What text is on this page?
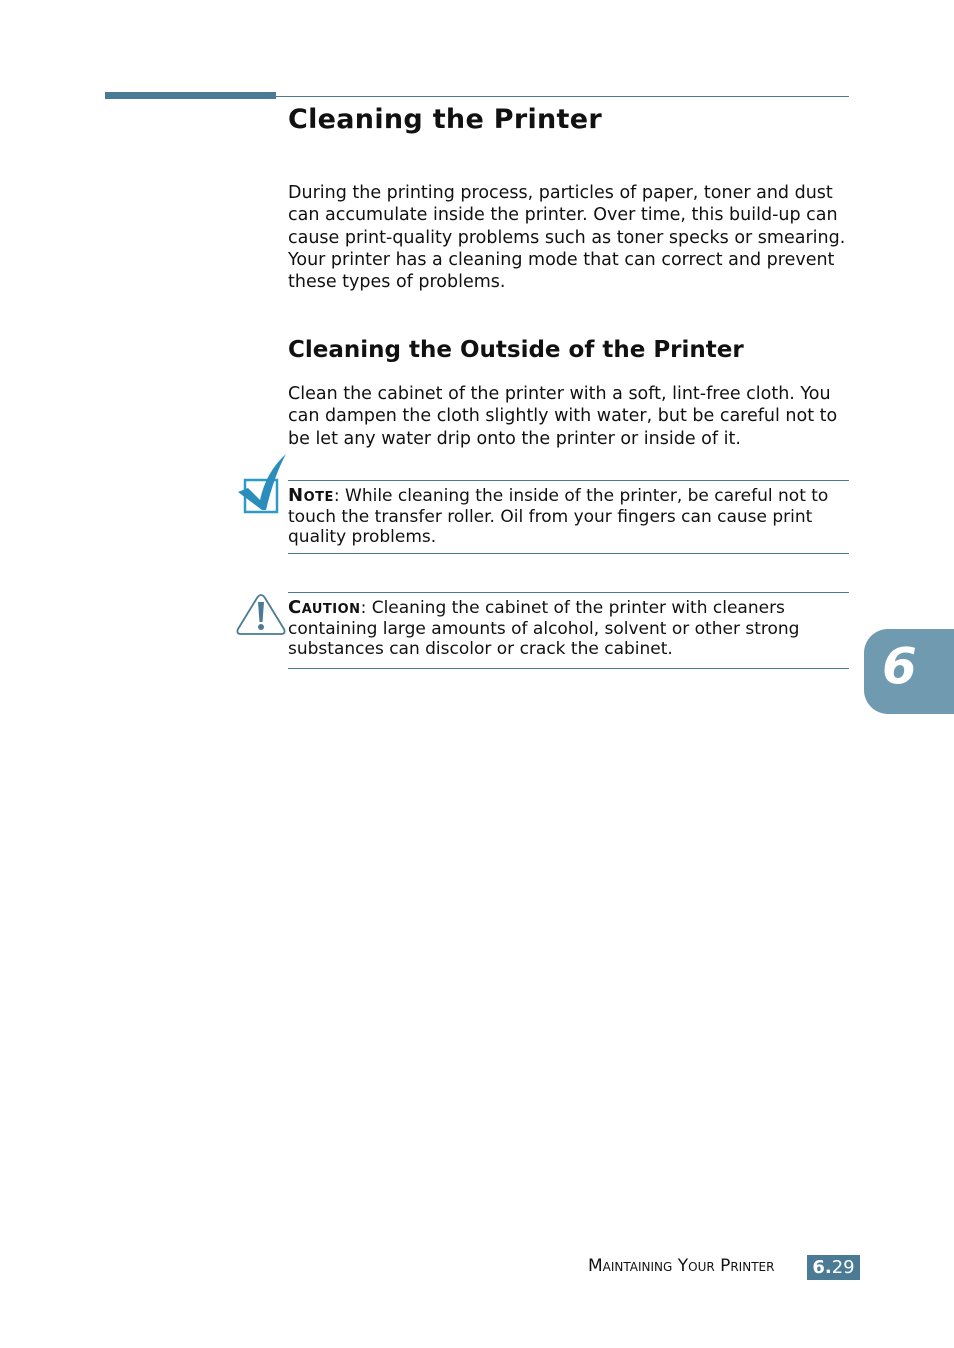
Cleaning the Printer
During the printing process, particles of paper, toner and dust
can accumulate inside the printer. Over time, this build-up can
cause print-quality problems such as toner specks or smearing.
Your printer has a cleaning mode that can correct and prevent
these types of problems.
Cleaning the Outside of the Printer
Clean the cabinet of the printer with a soft, lint-free cloth. You
can dampen the cloth slightly with water, but be careful not to
be let any water drip onto the printer or inside of it.
Note: While cleaning the inside of the printer, be careful not to
touch the transfer roller. Oil from your fingers can cause print
quality problems.
Caution: Cleaning the cabinet of the printer with cleaners
containing large amounts of alcohol, solvent or other strong
substances can discolor or crack the cabinet.	6
Maintaining Your Printer 6.29
